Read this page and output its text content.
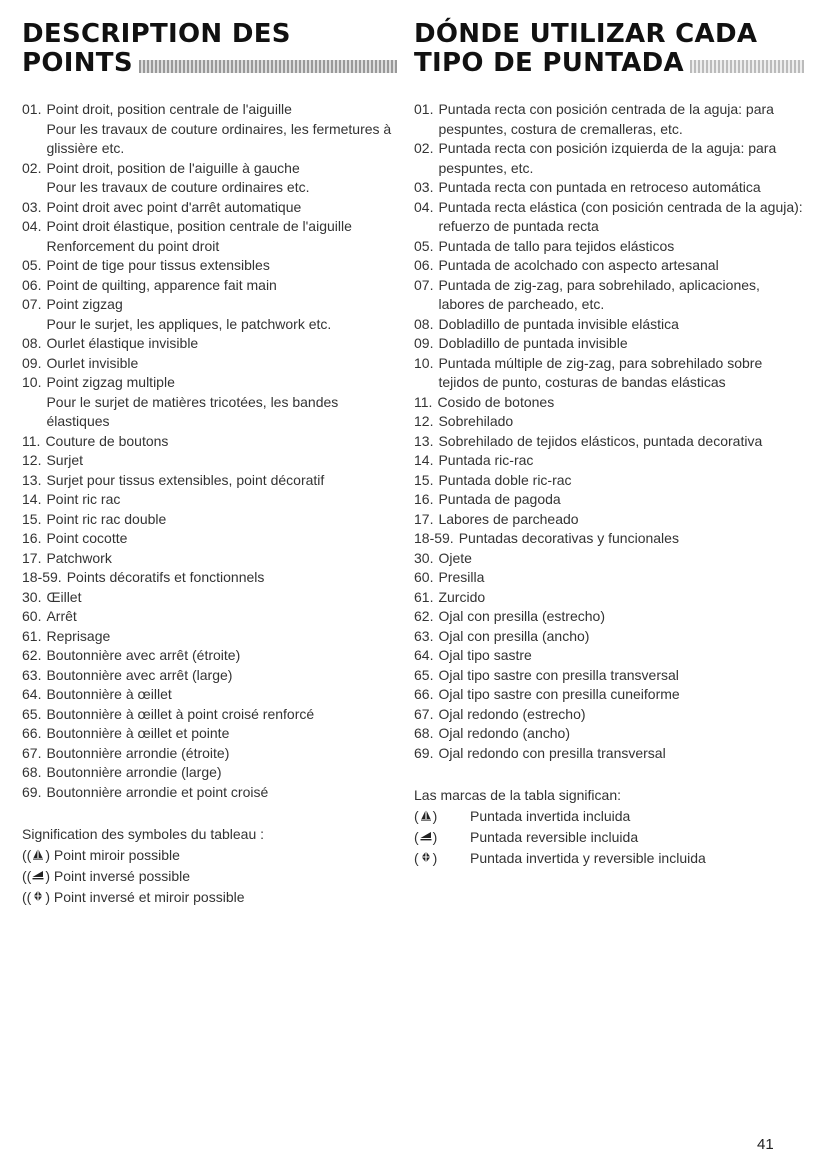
DESCRIPTION DES
POINTS
01. Point droit, position centrale de l'aiguille
Pour les travaux de couture ordinaires, les fermetures à glissière etc.
02. Point droit, position de l'aiguille à gauche
Pour les travaux de couture ordinaires etc.
03. Point droit avec point d'arrêt automatique
04. Point droit élastique, position centrale de l'aiguille
Renforcement du point droit
05. Point de tige pour tissus extensibles
06. Point de quilting, apparence fait main
07. Point zigzag
Pour le surjet, les appliques, le patchwork etc.
08. Ourlet élastique invisible
09. Ourlet invisible
10. Point zigzag multiple
Pour le surjet de matières tricotées, les bandes élastiques
11. Couture de boutons
12. Surjet
13. Surjet pour tissus extensibles, point décoratif
14. Point ric rac
15. Point ric rac double
16. Point cocotte
17. Patchwork
18-59. Points décoratifs et fonctionnels
30. Œillet
60. Arrêt
61. Reprisage
62. Boutonnière avec arrêt (étroite)
63. Boutonnière avec arrêt (large)
64. Boutonnière à œillet
65. Boutonnière à œillet à point croisé renforcé
66. Boutonnière à œillet et pointe
67. Boutonnière arrondie (étroite)
68. Boutonnière arrondie (large)
69. Boutonnière arrondie et point croisé
Signification des symboles du tableau :
((	) Point miroir possible
((	) Point inversé possible
((	) Point inversé et miroir possible
DÓNDE UTILIZAR CADA
TIPO DE PUNTADA
01. Puntada recta con posición centrada de la aguja: para pespuntes, costura de cremalleras, etc.
02. Puntada recta con posición izquierda de la aguja: para pespuntes, etc.
03. Puntada recta con puntada en retroceso automática
04. Puntada recta elástica (con posición centrada de la aguja): refuerzo de puntada recta
05. Puntada de tallo para tejidos elásticos
06. Puntada de acolchado con aspecto artesanal
07. Puntada de zig-zag, para sobrehilado, aplicaciones, labores de parcheado, etc.
08. Dobladillo de puntada invisible elástica
09. Dobladillo de puntada invisible
10. Puntada múltiple de zig-zag, para sobrehilado sobre tejidos de punto, costuras de bandas elásticas
11. Cosido de botones
12. Sobrehilado
13. Sobrehilado de tejidos elásticos, puntada decorativa
14. Puntada ric-rac
15. Puntada doble ric-rac
16. Puntada de pagoda
17. Labores de parcheado
18-59. Puntadas decorativas y funcionales
30. Ojete
60. Presilla
61. Zurcido
62. Ojal con presilla (estrecho)
63. Ojal con presilla (ancho)
64. Ojal tipo sastre
65. Ojal tipo sastre con presilla transversal
66. Ojal tipo sastre con presilla cuneiforme
67. Ojal redondo (estrecho)
68. Ojal redondo (ancho)
69. Ojal redondo con presilla transversal
Las marcas de la tabla significan:
( )	Puntada invertida incluida
( )	Puntada reversible incluida
( )	Puntada invertida y reversible incluida
41
